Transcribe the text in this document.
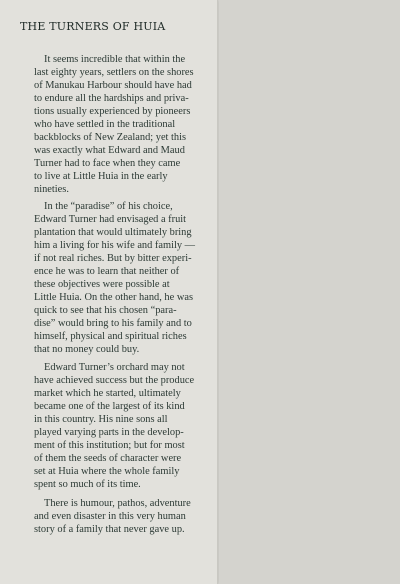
THE TURNERS OF HUIA
It seems incredible that within the
last eighty years, settlers on the shores
of Manukau Harbour should have had
to endure all the hardships and priva-
tions usually experienced by pioneers
who have settled in the traditional
backblocks of New Zealand; yet this
was exactly what Edward and Maud
Turner had to face when they came
to live at Little Huia in the early
nineties.
In the “paradise” of his choice,
Edward Turner had envisaged a fruit
plantation that would ultimately bring
him a living for his wife and family —
if not real riches. But by bitter experi-
ence he was to learn that neither of
these objectives were possible at
Little Huia. On the other hand, he was
quick to see that his chosen “para-
dise” would bring to his family and to
himself, physical and spiritual riches
that no money could buy.
Edward Turner’s orchard may not
have achieved success but the produce
market which he started, ultimately
became one of the largest of its kind
in this country. His nine sons all
played varying parts in the develop-
ment of this institution; but for most
of them the seeds of character were
set at Huia where the whole family
spent so much of its time.
There is humour, pathos, adventure
and even disaster in this very human
story of a family that never gave up.
